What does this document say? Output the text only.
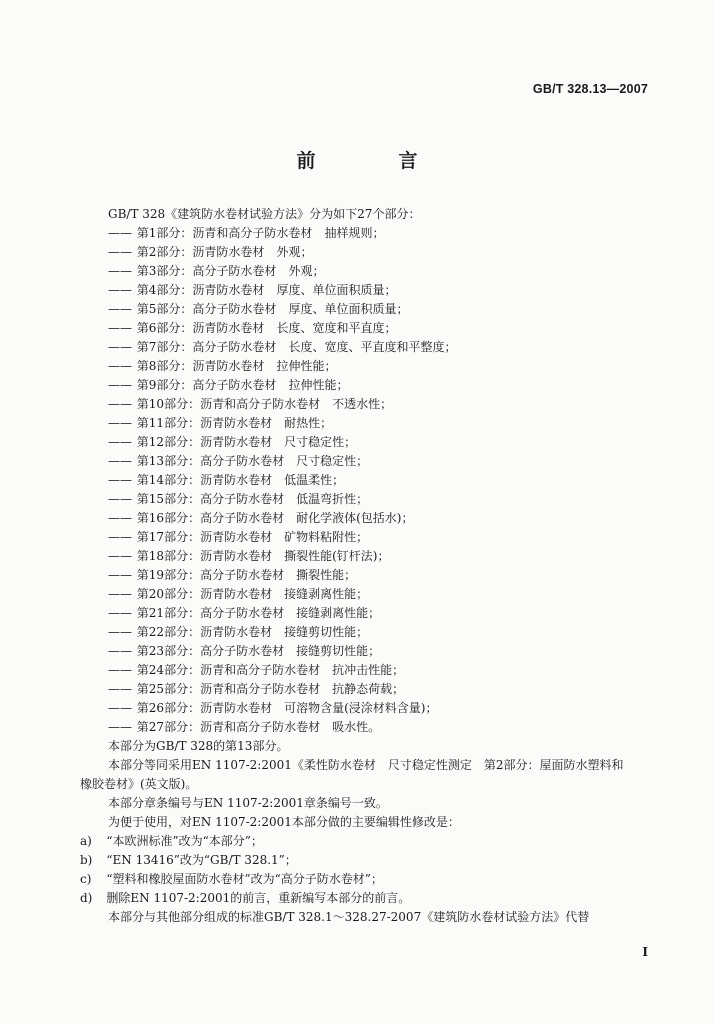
GB/T 328.13—2007
前　言
GB/T 328《建筑防水卷材试验方法》分为如下27个部分：
—— 第1部分：沥青和高分子防水卷材 抽样规则；
—— 第2部分：沥青防水卷材 外观；
—— 第3部分：高分子防水卷材 外观；
—— 第4部分：沥青防水卷材 厚度、单位面积质量；
—— 第5部分：高分子防水卷材 厚度、单位面积质量；
—— 第6部分：沥青防水卷材 长度、宽度和平直度；
—— 第7部分：高分子防水卷材 长度、宽度、平直度和平整度；
—— 第8部分：沥青防水卷材 拉伸性能；
—— 第9部分：高分子防水卷材 拉伸性能；
—— 第10部分：沥青和高分子防水卷材 不透水性；
—— 第11部分：沥青防水卷材 耐热性；
—— 第12部分：沥青防水卷材 尺寸稳定性；
—— 第13部分：高分子防水卷材 尺寸稳定性；
—— 第14部分：沥青防水卷材 低温柔性；
—— 第15部分：高分子防水卷材 低温弯折性；
—— 第16部分：高分子防水卷材 耐化学液体(包括水)；
—— 第17部分：沥青防水卷材 矿物料粘附性；
—— 第18部分：沥青防水卷材 撕裂性能(钉杆法)；
—— 第19部分：高分子防水卷材 撕裂性能；
—— 第20部分：沥青防水卷材 接缝剥离性能；
—— 第21部分：高分子防水卷材 接缝剥离性能；
—— 第22部分：沥青防水卷材 接缝剪切性能；
—— 第23部分：高分子防水卷材 接缝剪切性能；
—— 第24部分：沥青和高分子防水卷材 抗冲击性能；
—— 第25部分：沥青和高分子防水卷材 抗静态荷载；
—— 第26部分：沥青防水卷材 可溶物含量(浸涂材料含量)；
—— 第27部分：沥青和高分子防水卷材 吸水性。
本部分为GB/T 328的第13部分。
本部分等同采用EN 1107-2:2001《柔性防水卷材　尺寸稳定性测定　第2部分：屋面防水塑料和
橡胶卷材》(英文版)。
本部分章条编号与EN 1107-2:2001章条编号一致。
为便于使用，对EN 1107-2:2001本部分做的主要编辑性修改是：
a) “本欧洲标准”改为“本部分”；
b) “EN 13416”改为“GB/T 328.1”；
c) “塑料和橡胶屋面防水卷材”改为“高分子防水卷材”；
d) 删除EN 1107-2:2001的前言，重新编写本部分的前言。
本部分与其他部分组成的标准GB/T 328.1～328.27-2007《建筑防水卷材试验方法》代替
I
